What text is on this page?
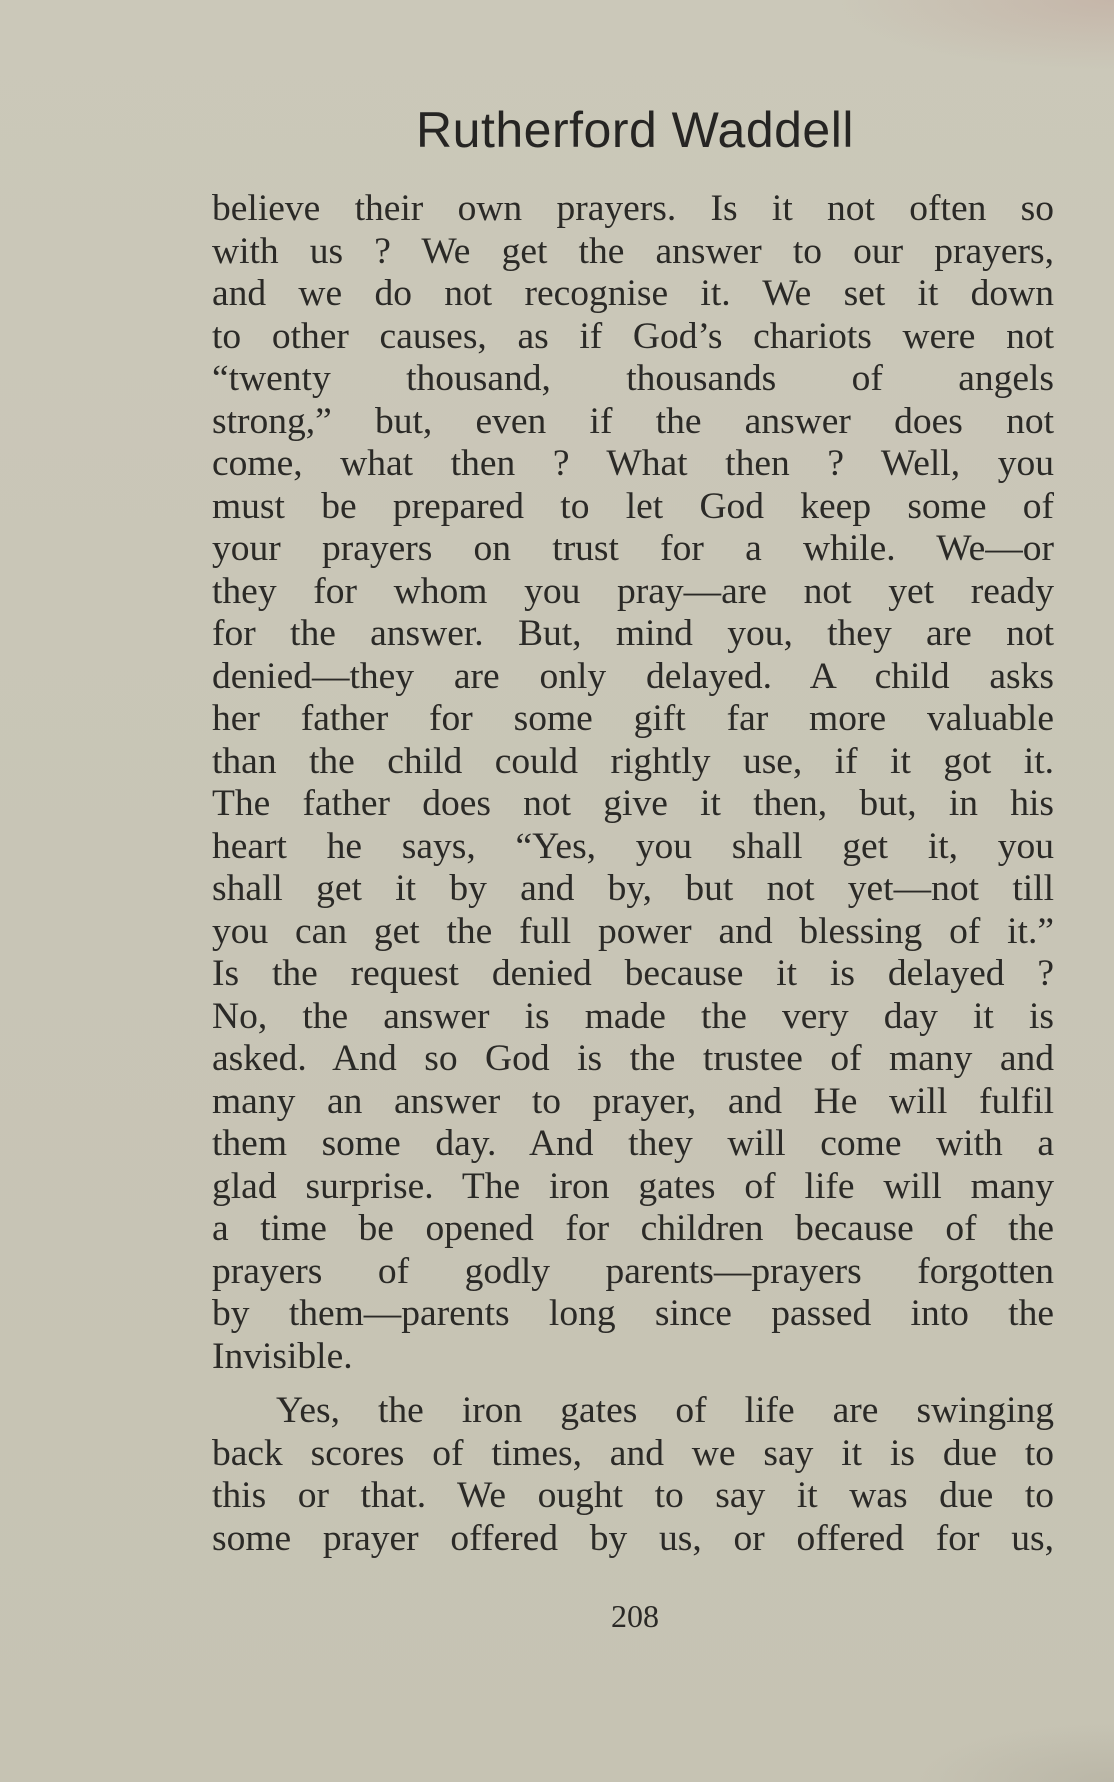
Rutherford Waddell
believe their own prayers. Is it not often so
with us ? We get the answer to our prayers,
and we do not recognise it. We set it down
to other causes, as if God’s chariots were not
“twenty thousand, thousands of angels
strong,” but, even if the answer does not
come, what then ? What then ? Well, you
must be prepared to let God keep some of
your prayers on trust for a while. We—or
they for whom you pray—are not yet ready
for the answer. But, mind you, they are not
denied—they are only delayed. A child asks
her father for some gift far more valuable
than the child could rightly use, if it got it.
The father does not give it then, but, in his
heart he says, “Yes, you shall get it, you
shall get it by and by, but not yet—not till
you can get the full power and blessing of it.”
Is the request denied because it is delayed ?
No, the answer is made the very day it is
asked. And so God is the trustee of many and
many an answer to prayer, and He will fulfil
them some day. And they will come with a
glad surprise. The iron gates of life will many
a time be opened for children because of the
prayers of godly parents—prayers forgotten
by them—parents long since passed into the
Invisible.
Yes, the iron gates of life are swinging
back scores of times, and we say it is due to
this or that. We ought to say it was due to
some prayer offered by us, or offered for us,
208
